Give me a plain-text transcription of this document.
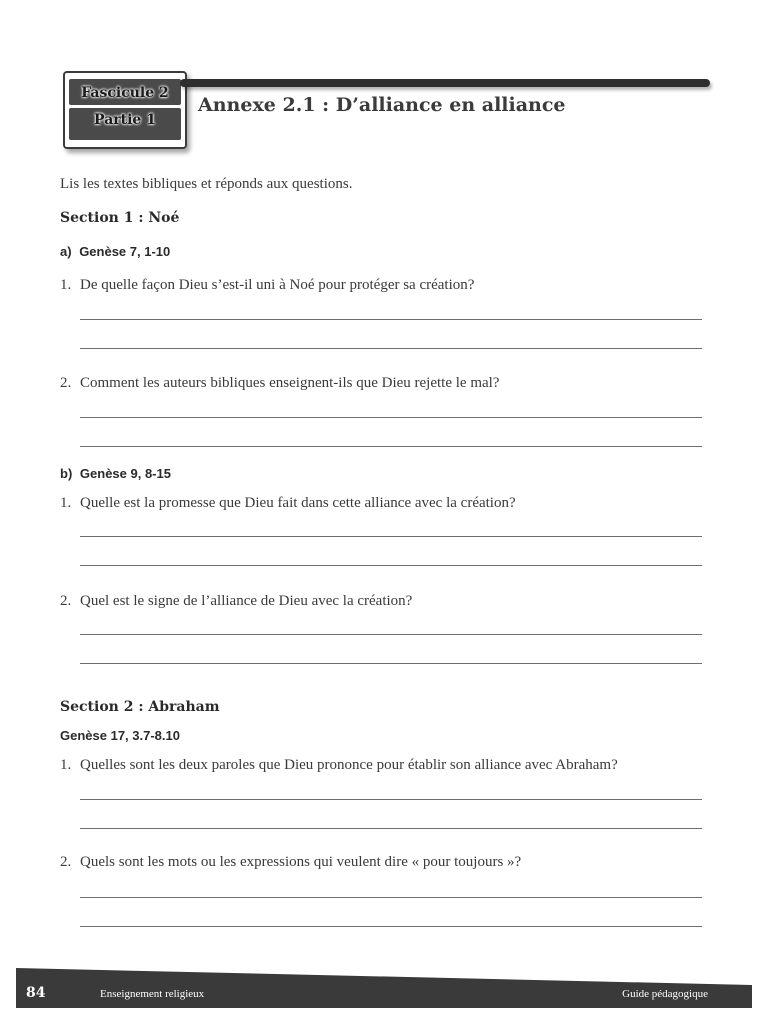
Fascicule 2
Partie 1
Annexe 2.1 : D’alliance en alliance
Lis les textes bibliques et réponds aux questions.
Section 1 : Noé
a) Genèse 7, 1-10
1. De quelle façon Dieu s’est-il uni à Noé pour protéger sa création?
2. Comment les auteurs bibliques enseignent-ils que Dieu rejette le mal?
b) Genèse 9, 8-15
1. Quelle est la promesse que Dieu fait dans cette alliance avec la création?
2. Quel est le signe de l’alliance de Dieu avec la création?
Section 2 : Abraham
Genèse 17, 3.7-8.10
1. Quelles sont les deux paroles que Dieu prononce pour établir son alliance avec Abraham?
2. Quels sont les mots ou les expressions qui veulent dire « pour toujours »?
84	Enseignement religieux	Guide pédagogique
